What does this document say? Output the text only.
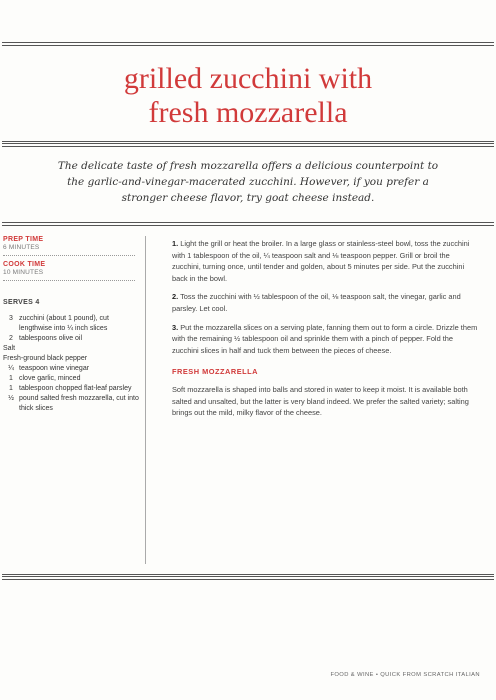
grilled zucchini with
fresh mozzarella

The delicate taste of fresh mozzarella offers a delicious counterpoint to the garlic-and-vinegar-macerated zucchini. However, if you prefer a stronger cheese flavor, try goat cheese instead.

PREP TIME
6 MINUTES
COOK TIME
10 MINUTES
SERVES 4
3 zucchini (about 1 pound), cut lengthwise into ¼ inch slices
2 tablespoons olive oil
Salt
Fresh-ground black pepper
¼ teaspoon wine vinegar
1 clove garlic, minced
1 tablespoon chopped flat-leaf parsley
½ pound salted fresh mozzarella, cut into thick slices

1. Light the grill or heat the broiler. In a large glass or stainless-steel bowl, toss the zucchini with 1 tablespoon of the oil, ¼ teaspoon salt and ⅛ teaspoon pepper. Grill or broil the zucchini, turning once, until tender and golden, about 5 minutes per side. Put the zucchini back in the bowl.

2. Toss the zucchini with ½ tablespoon of the oil, ⅛ teaspoon salt, the vinegar, garlic and parsley. Let cool.

3. Put the mozzarella slices on a serving plate, fanning them out to form a circle. Drizzle them with the remaining ½ tablespoon oil and sprinkle them with a pinch of pepper. Fold the zucchini slices in half and tuck them between the pieces of cheese.

FRESH MOZZARELLA

Soft mozzarella is shaped into balls and stored in water to keep it moist. It is available both salted and unsalted, but the latter is very bland indeed. We prefer the salted variety; salting brings out the mild, milky flavor of the cheese.

FOOD & WINE • QUICK FROM SCRATCH ITALIAN
